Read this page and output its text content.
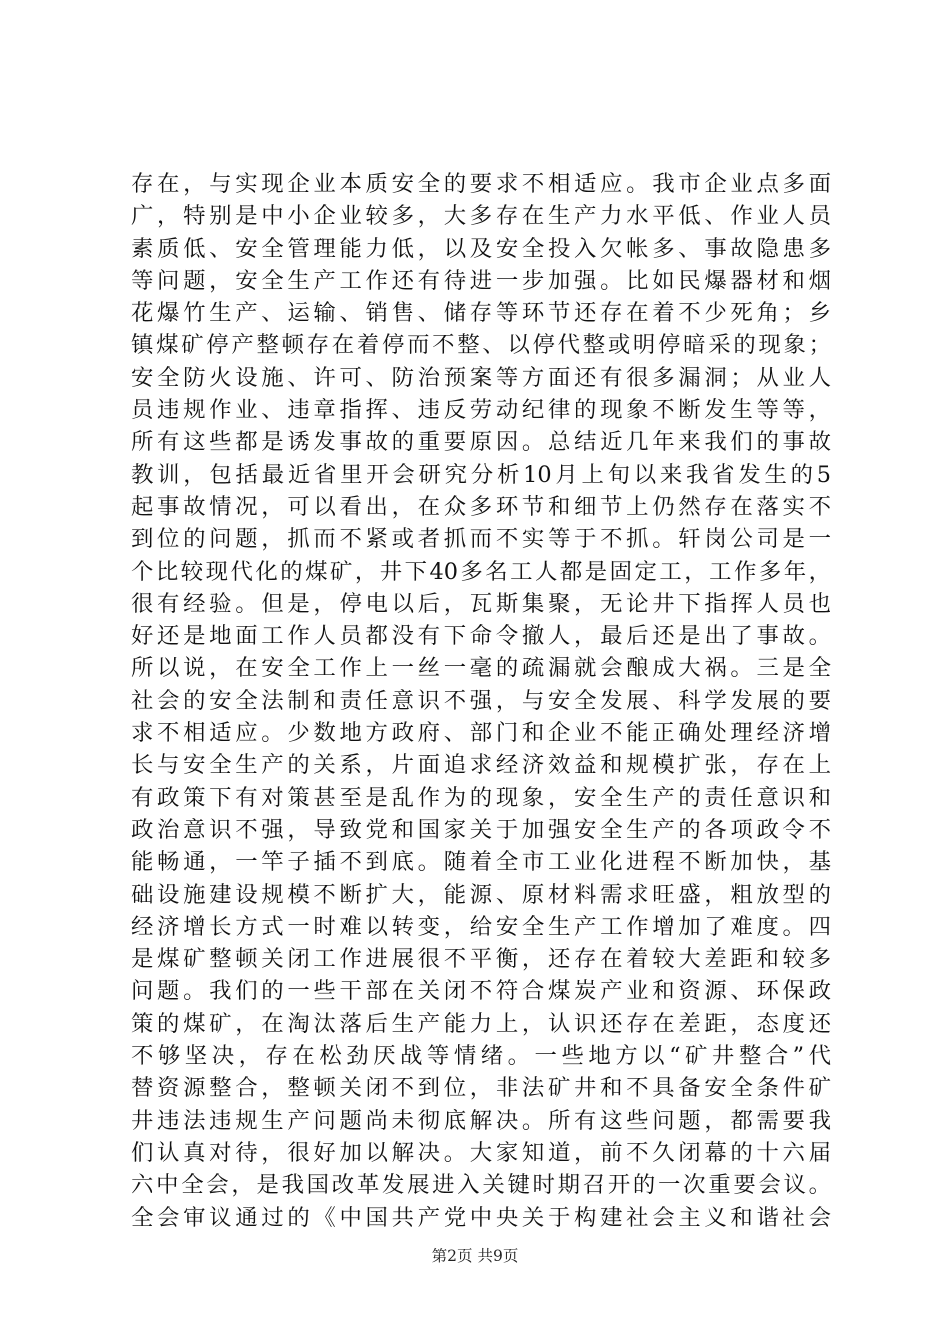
存在，与实现企业本质安全的要求不相适应。我市企业点多面
广，特别是中小企业较多，大多存在生产力水平低、作业人员
素质低、安全管理能力低，以及安全投入欠帐多、事故隐患多
等问题，安全生产工作还有待进一步加强。比如民爆器材和烟
花爆竹生产、运输、销售、储存等环节还存在着不少死角；乡
镇煤矿停产整顿存在着停而不整、以停代整或明停暗采的现象；
安全防火设施、许可、防治预案等方面还有很多漏洞；从业人
员违规作业、违章指挥、违反劳动纪律的现象不断发生等等，
所有这些都是诱发事故的重要原因。总结近几年来我们的事故
教训，包括最近省里开会研究分析10月上旬以来我省发生的5
起事故情况，可以看出，在众多环节和细节上仍然存在落实不
到位的问题，抓而不紧或者抓而不实等于不抓。轩岗公司是一
个比较现代化的煤矿，井下40多名工人都是固定工，工作多年，
很有经验。但是，停电以后，瓦斯集聚，无论井下指挥人员也
好还是地面工作人员都没有下命令撤人，最后还是出了事故。
所以说，在安全工作上一丝一毫的疏漏就会酿成大祸。三是全
社会的安全法制和责任意识不强，与安全发展、科学发展的要
求不相适应。少数地方政府、部门和企业不能正确处理经济增
长与安全生产的关系，片面追求经济效益和规模扩张，存在上
有政策下有对策甚至是乱作为的现象，安全生产的责任意识和
政治意识不强，导致党和国家关于加强安全生产的各项政令不
能畅通，一竿子插不到底。随着全市工业化进程不断加快，基
础设施建设规模不断扩大，能源、原材料需求旺盛，粗放型的
经济增长方式一时难以转变，给安全生产工作增加了难度。四
是煤矿整顿关闭工作进展很不平衡，还存在着较大差距和较多
问题。我们的一些干部在关闭不符合煤炭产业和资源、环保政
策的煤矿，在淘汰落后生产能力上，认识还存在差距，态度还
不够坚决，存在松劲厌战等情绪。一些地方以“矿井整合”代
替资源整合，整顿关闭不到位，非法矿井和不具备安全条件矿
井违法违规生产问题尚未彻底解决。所有这些问题，都需要我
们认真对待，很好加以解决。大家知道，前不久闭幕的十六届
六中全会，是我国改革发展进入关键时期召开的一次重要会议。
全会审议通过的《中国共产党中央关于构建社会主义和谐社会
第2页 共9页
